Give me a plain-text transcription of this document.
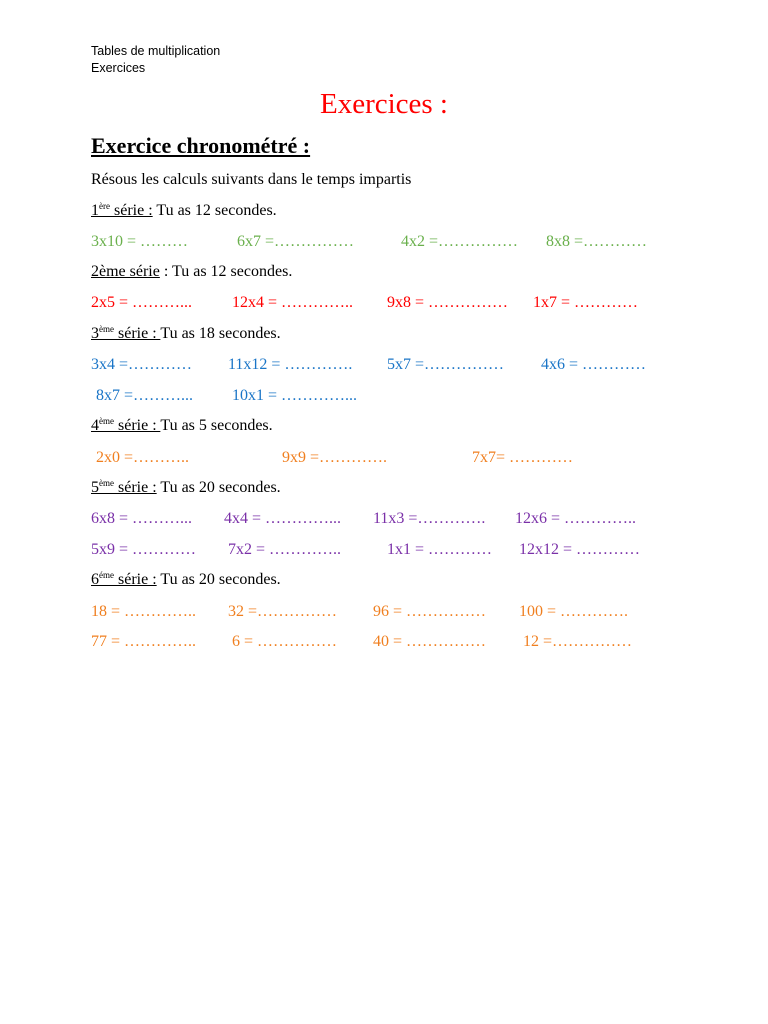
Tables de multiplication
Exercices
Exercices :
Exercice chronométré :
Résous les calculs suivants dans le temps impartis
1ère série : Tu as 12 secondes.
3x10 = ………	6x7 =……………	4x2 =…………… 8x8 =…………
2ème série : Tu as 12 secondes.
2x5 = ………... 12x4 = ………….. 9x8 = …………… 1x7 = …………
3ème série : Tu as 18 secondes.
3x4 =………… 11x12 = …………. 5x7 =…………… 4x6 = …………
8x7 =………... 10x1 = …………...
4ème série : Tu as 5 secondes.
2x0 =………..	9x9 =………….	7x7= …………
5ème série : Tu as 20 secondes.
6x8 = ………... 4x4 = …………... 11x3 =…………. 12x6 = …………..
5x9 = ………… 7x2 = …………..	1x1 = ………… 12x12 = …………
$6^{éme}$ série : Tu as 20 secondes.
18 = ………….. 32 =…………… 96 = …………… 100 = ………….
77 = ………….. 6 = …………… 40 = …………… 12 =……………
